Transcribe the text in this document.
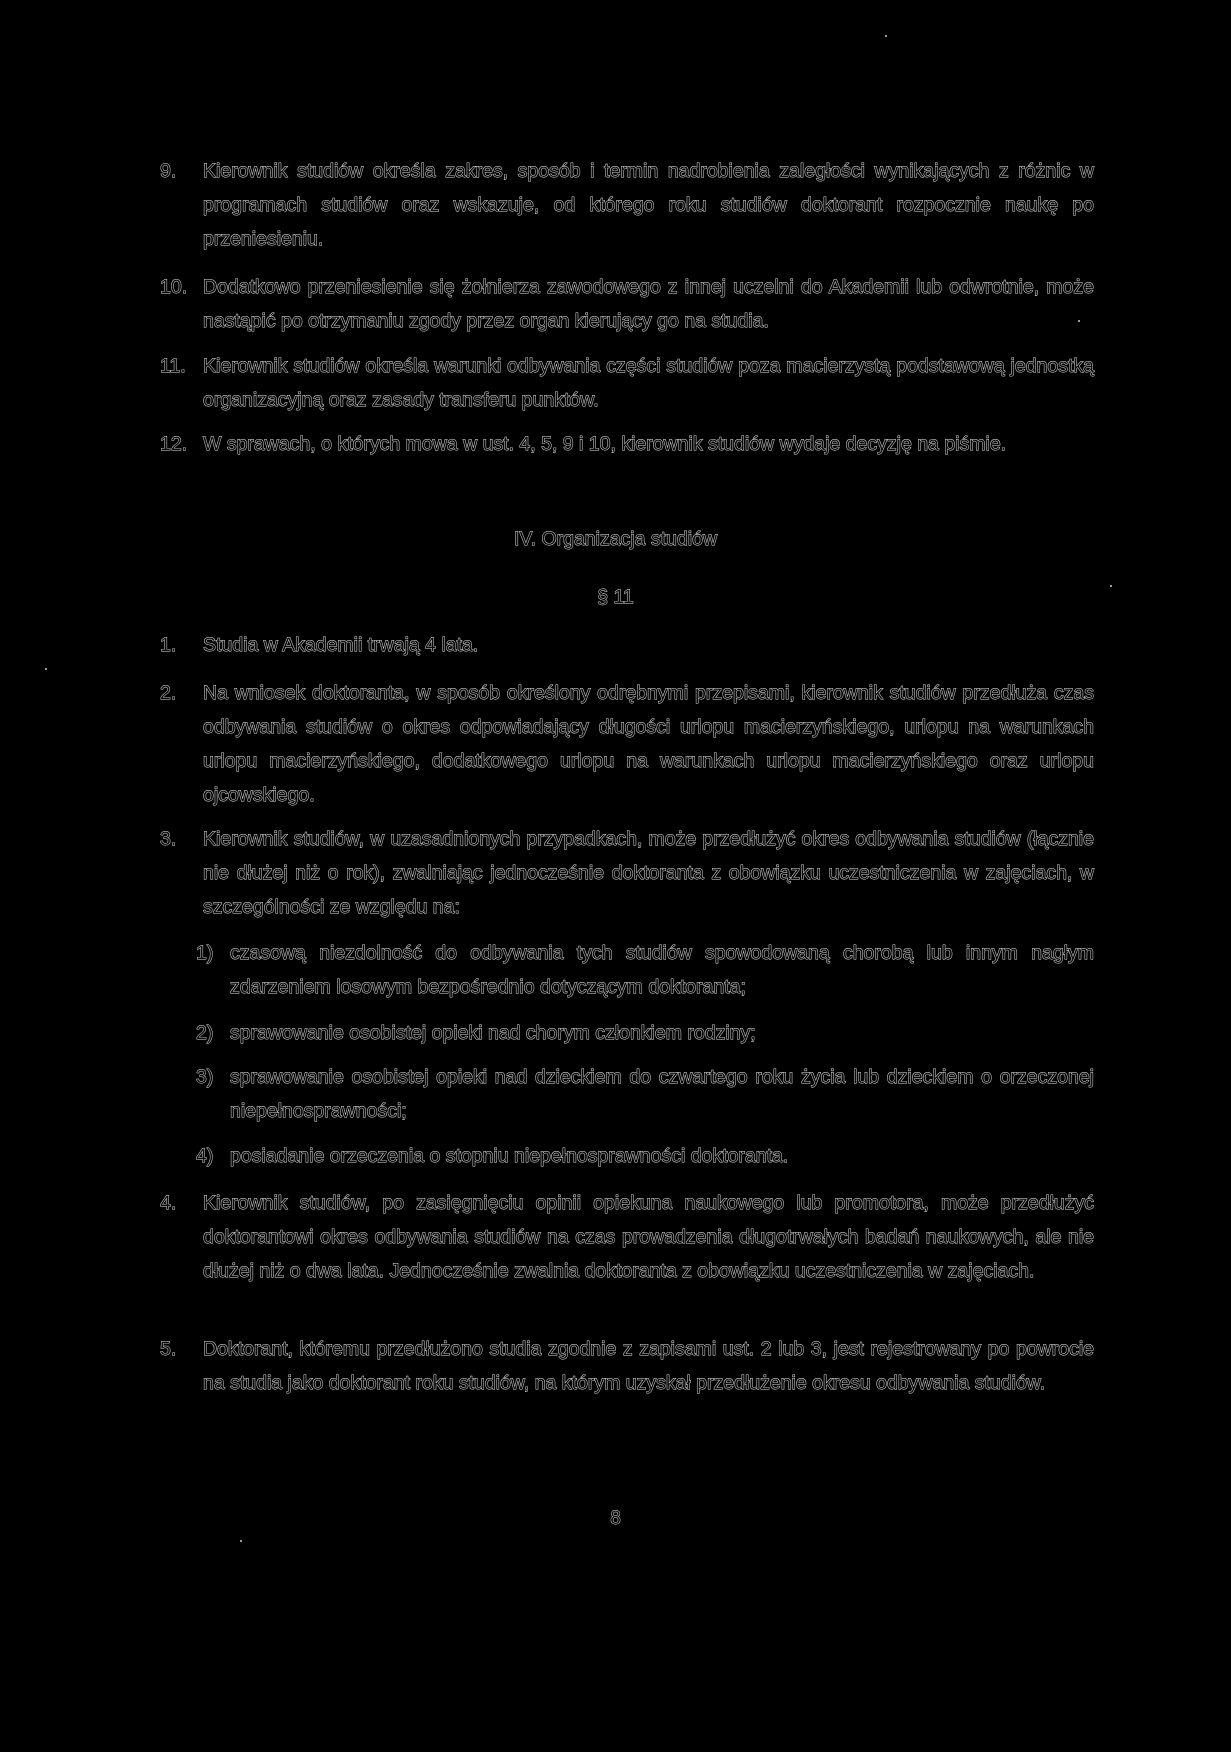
9. Kierownik studiów określa zakres, sposób i termin nadrobienia zaległości wynikających z różnic w programach studiów oraz wskazuje, od którego roku studiów doktorant rozpocznie naukę po przeniesieniu.
10. Dodatkowo przeniesienie się żołnierza zawodowego z innej uczelni do Akademii lub odwrotnie, może nastąpić po otrzymaniu zgody przez organ kierujący go na studia.
11. Kierownik studiów określa warunki odbywania części studiów poza macierzystą podstawową jednostką organizacyjną oraz zasady transferu punktów.
12. W sprawach, o których mowa w ust. 4, 5, 9 i 10, kierownik studiów wydaje decyzję na piśmie.
IV. Organizacja studiów
§ 11
1. Studia w Akademii trwają 4 lata.
2. Na wniosek doktoranta, w sposób określony odrębnymi przepisami, kierownik studiów przedłuża czas odbywania studiów o okres odpowiadający długości urlopu macierzyńskiego, urlopu na warunkach urlopu macierzyńskiego, dodatkowego urlopu na warunkach urlopu macierzyńskiego oraz urlopu ojcowskiego.
3. Kierownik studiów, w uzasadnionych przypadkach, może przedłużyć okres odbywania studiów (łącznie nie dłużej niż o rok), zwalniając jednocześnie doktoranta z obowiązku uczestniczenia w zajęciach, w szczególności ze względu na:
1) czasową niezdolność do odbywania tych studiów spowodowaną chorobą lub innym nagłym zdarzeniem losowym bezpośrednio dotyczącym doktoranta;
2) sprawowanie osobistej opieki nad chorym członkiem rodziny;
3) sprawowanie osobistej opieki nad dzieckiem do czwartego roku życia lub dzieckiem o orzeczonej niepełnosprawności;
4) posiadanie orzeczenia o stopniu niepełnosprawności doktoranta.
4. Kierownik studiów, po zasięgnięciu opinii opiekuna naukowego lub promotora, może przedłużyć doktorantowi okres odbywania studiów na czas prowadzenia długotrwałych badań naukowych, ale nie dłużej niż o dwa lata. Jednocześnie zwalnia doktoranta z obowiązku uczestniczenia w zajęciach.
5. Doktorant, któremu przedłużono studia zgodnie z zapisami ust. 2 lub 3, jest rejestrowany po powrocie na studia jako doktorant roku studiów, na którym uzyskał przedłużenie okresu odbywania studiów.
8
